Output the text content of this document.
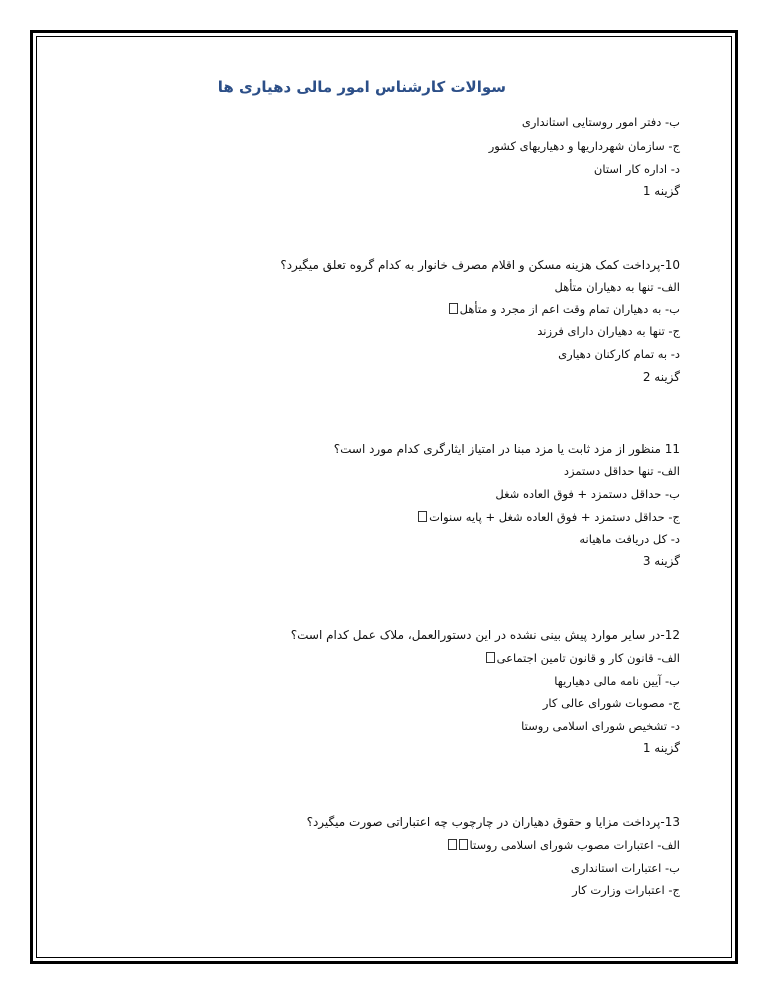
سوالات کارشناس امور مالی دهیاری ها
ب- دفتر امور روستایی استانداری
ج- سازمان شهرداریها و دهیاریهای کشور
د- اداره کار استان
گزینه 1
10-پرداخت کمک هزینه مسکن و اقلام مصرف خانوار به کدام گروه تعلق میگیرد؟
الف- تنها به دهیاران متأهل
ب- به دهیاران تمام وقت اعم از مجرد و متأهل
ج- تنها به دهیاران دارای فرزند
د- به تمام کارکنان دهیاری
گزینه 2
11 منظور از مزد ثابت یا مزد مبنا در امتیاز ایثارگری کدام مورد است؟
الف- تنها حداقل دستمزد
ب- حداقل دستمزد + فوق العاده شغل
ج- حداقل دستمزد + فوق العاده شغل + پایه سنوات
د- کل دریافت ماهیانه
گزینه 3
12-در سایر موارد پیش بینی نشده در این دستورالعمل، ملاک عمل کدام است؟
الف- قانون کار و قانون تامین اجتماعی
ب- آیین نامه مالی دهیاریها
ج- مصوبات شورای عالی کار
د- تشخیص شورای اسلامی روستا
گزینه 1
13-پرداخت مزایا و حقوق دهیاران در چارچوب چه اعتباراتی صورت میگیرد؟
الف- اعتبارات مصوب شورای اسلامی روستا
ب- اعتبارات استانداری
ج- اعتبارات وزارت کار
